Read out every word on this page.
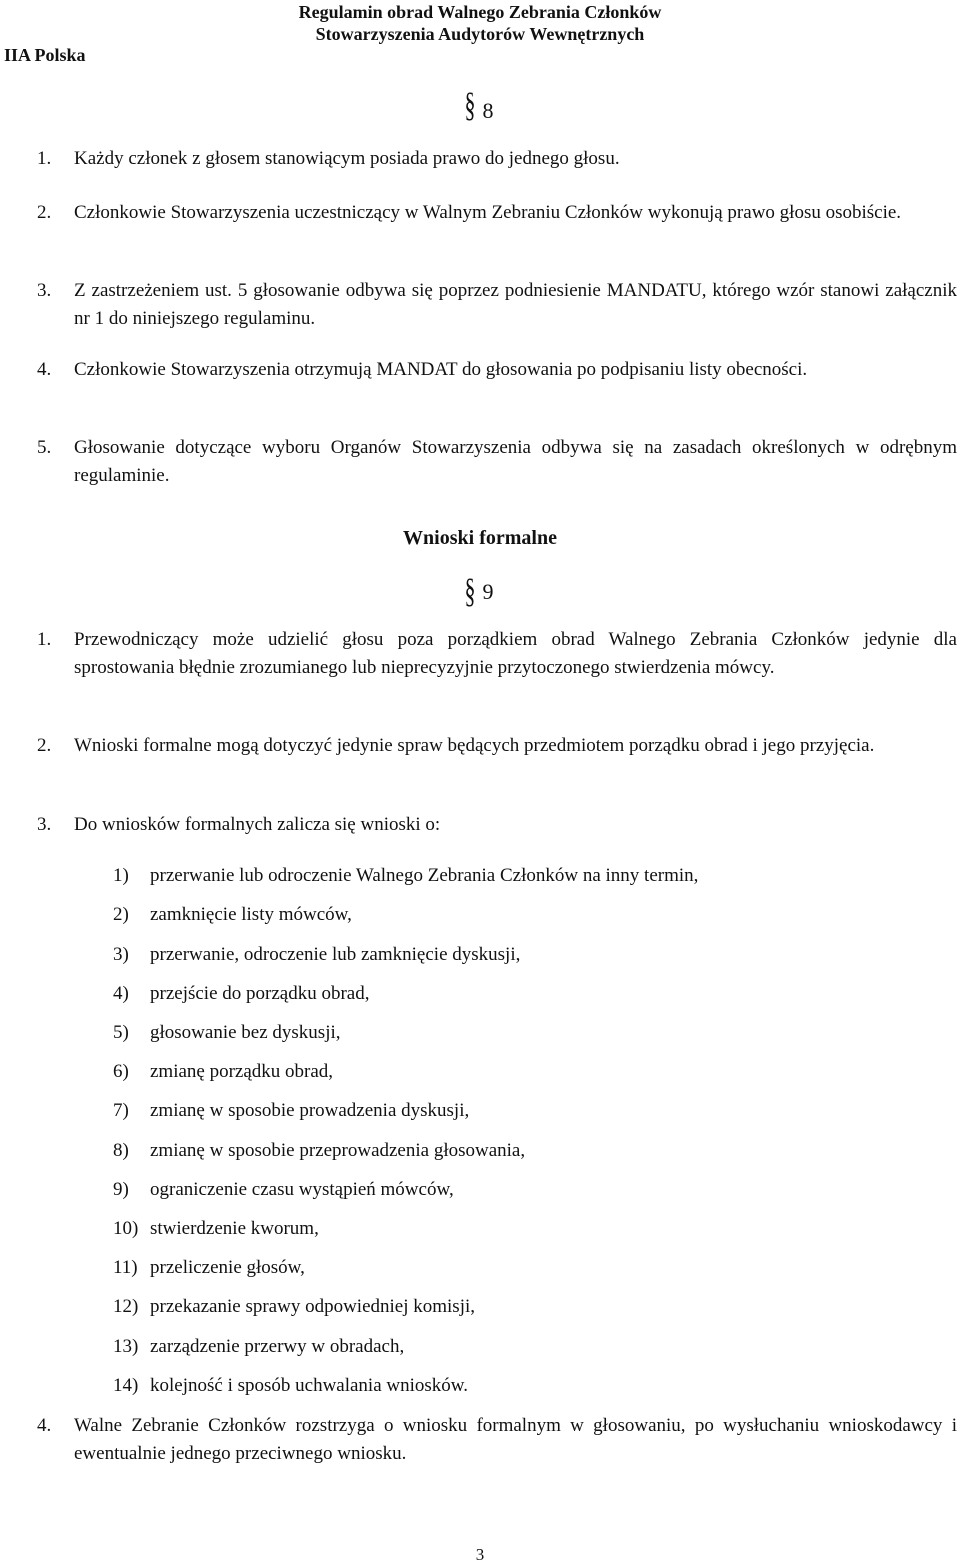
Regulamin obrad Walnego Zebrania Członków
Stowarzyszenia Audytorów Wewnętrznych
IIA Polska
§ 8
1. Każdy członek z głosem stanowiącym posiada prawo do jednego głosu.
2. Członkowie Stowarzyszenia uczestniczący w Walnym Zebraniu Członków wykonują prawo głosu osobiście.
3. Z zastrzeżeniem ust. 5 głosowanie odbywa się poprzez podniesienie MANDATU, którego wzór stanowi załącznik nr 1 do niniejszego regulaminu.
4. Członkowie Stowarzyszenia otrzymują MANDAT do głosowania po podpisaniu listy obecności.
5. Głosowanie dotyczące wyboru Organów Stowarzyszenia odbywa się na zasadach określonych w odrębnym regulaminie.
Wnioski formalne
§ 9
1. Przewodniczący może udzielić głosu poza porządkiem obrad Walnego Zebrania Członków jedynie dla sprostowania błędnie zrozumianego lub nieprecyzyjnie przytoczonego stwierdzenia mówcy.
2. Wnioski formalne mogą dotyczyć jedynie spraw będących przedmiotem porządku obrad i jego przyjęcia.
3. Do wniosków formalnych zalicza się wnioski o:
1) przerwanie lub odroczenie Walnego Zebrania Członków na inny termin,
2) zamknięcie listy mówców,
3) przerwanie, odroczenie lub zamknięcie dyskusji,
4) przejście do porządku obrad,
5) głosowanie bez dyskusji,
6) zmianę porządku obrad,
7) zmianę w sposobie prowadzenia dyskusji,
8) zmianę w sposobie przeprowadzenia głosowania,
9) ograniczenie czasu wystąpień mówców,
10) stwierdzenie kworum,
11) przeliczenie głosów,
12) przekazanie sprawy odpowiedniej komisji,
13) zarządzenie przerwy w obradach,
14) kolejność i sposób uchwalania wniosków.
4. Walne Zebranie Członków rozstrzyga o wniosku formalnym w głosowaniu, po wysłuchaniu wnioskodawcy i ewentualnie jednego przeciwnego wniosku.
3
